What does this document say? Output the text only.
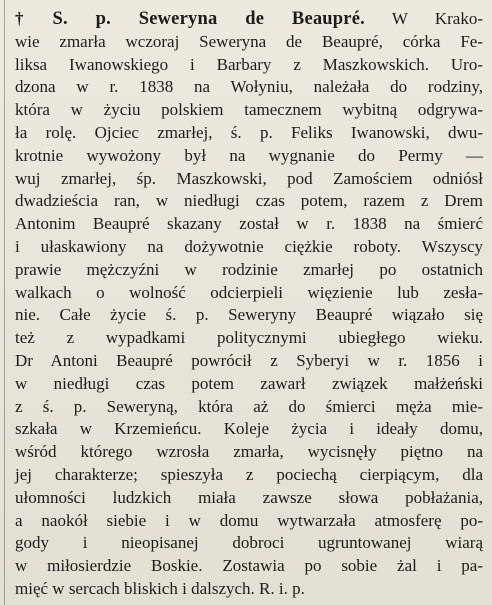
† S. p. Seweryna de Beaupré. W Krako-
wie zmarła wczoraj Seweryna de Beaupré, córka Fe-
liksa Iwanowskiego i Barbary z Maszkowskich. Uro-
dzona w r. 1838 na Wołyniu, należała do rodziny,
która w życiu polskiem tamecznem wybitną odgrywa-
ła rolę. Ojciec zmarłej, ś. p. Feliks Iwanowski, dwu-
krotnie wywożony był na wygnanie do Permy —
wuj zmarłej, śp. Maszkowski, pod Zamościem odniósł
dwadzieścia ran, w niedługi czas potem, razem z Drem
Antonim Beaupré skazany został w r. 1838 na śmierć
i ułaskawiony na dożywotnie ciężkie roboty. Wszyscy
prawie mężczyźni w rodzinie zmarłej po ostatnich
walkach o wolność odcierpieli więzienie lub zesła-
nie. Całe życie ś. p. Seweryny Beaupré wiązało się
też z wypadkami politycznymi ubiegłego wieku.
Dr Antoni Beaupré powrócił z Syberyi w r. 1856 i
w niedługi czas potem zawarł związek małżeński
z ś. p. Seweryną, która aż do śmierci męża mie-
szkała w Krzemieńcu. Koleje życia i ideały domu,
wśród którego wzrosła zmarła, wycisnęły piętno na
jej charakterze; spieszyła z pociechą cierpiącym, dla
ułomności ludzkich miała zawsze słowa pobłażania,
a naokół siebie i w domu wytwarzała atmosferę po-
gody i nieopisanej dobroci ugruntowanej wiarą
w miłosierdzie Boskie. Zostawia po sobie żal i pa-
mięć w sercach bliskich i dalszych. R. i. p.
